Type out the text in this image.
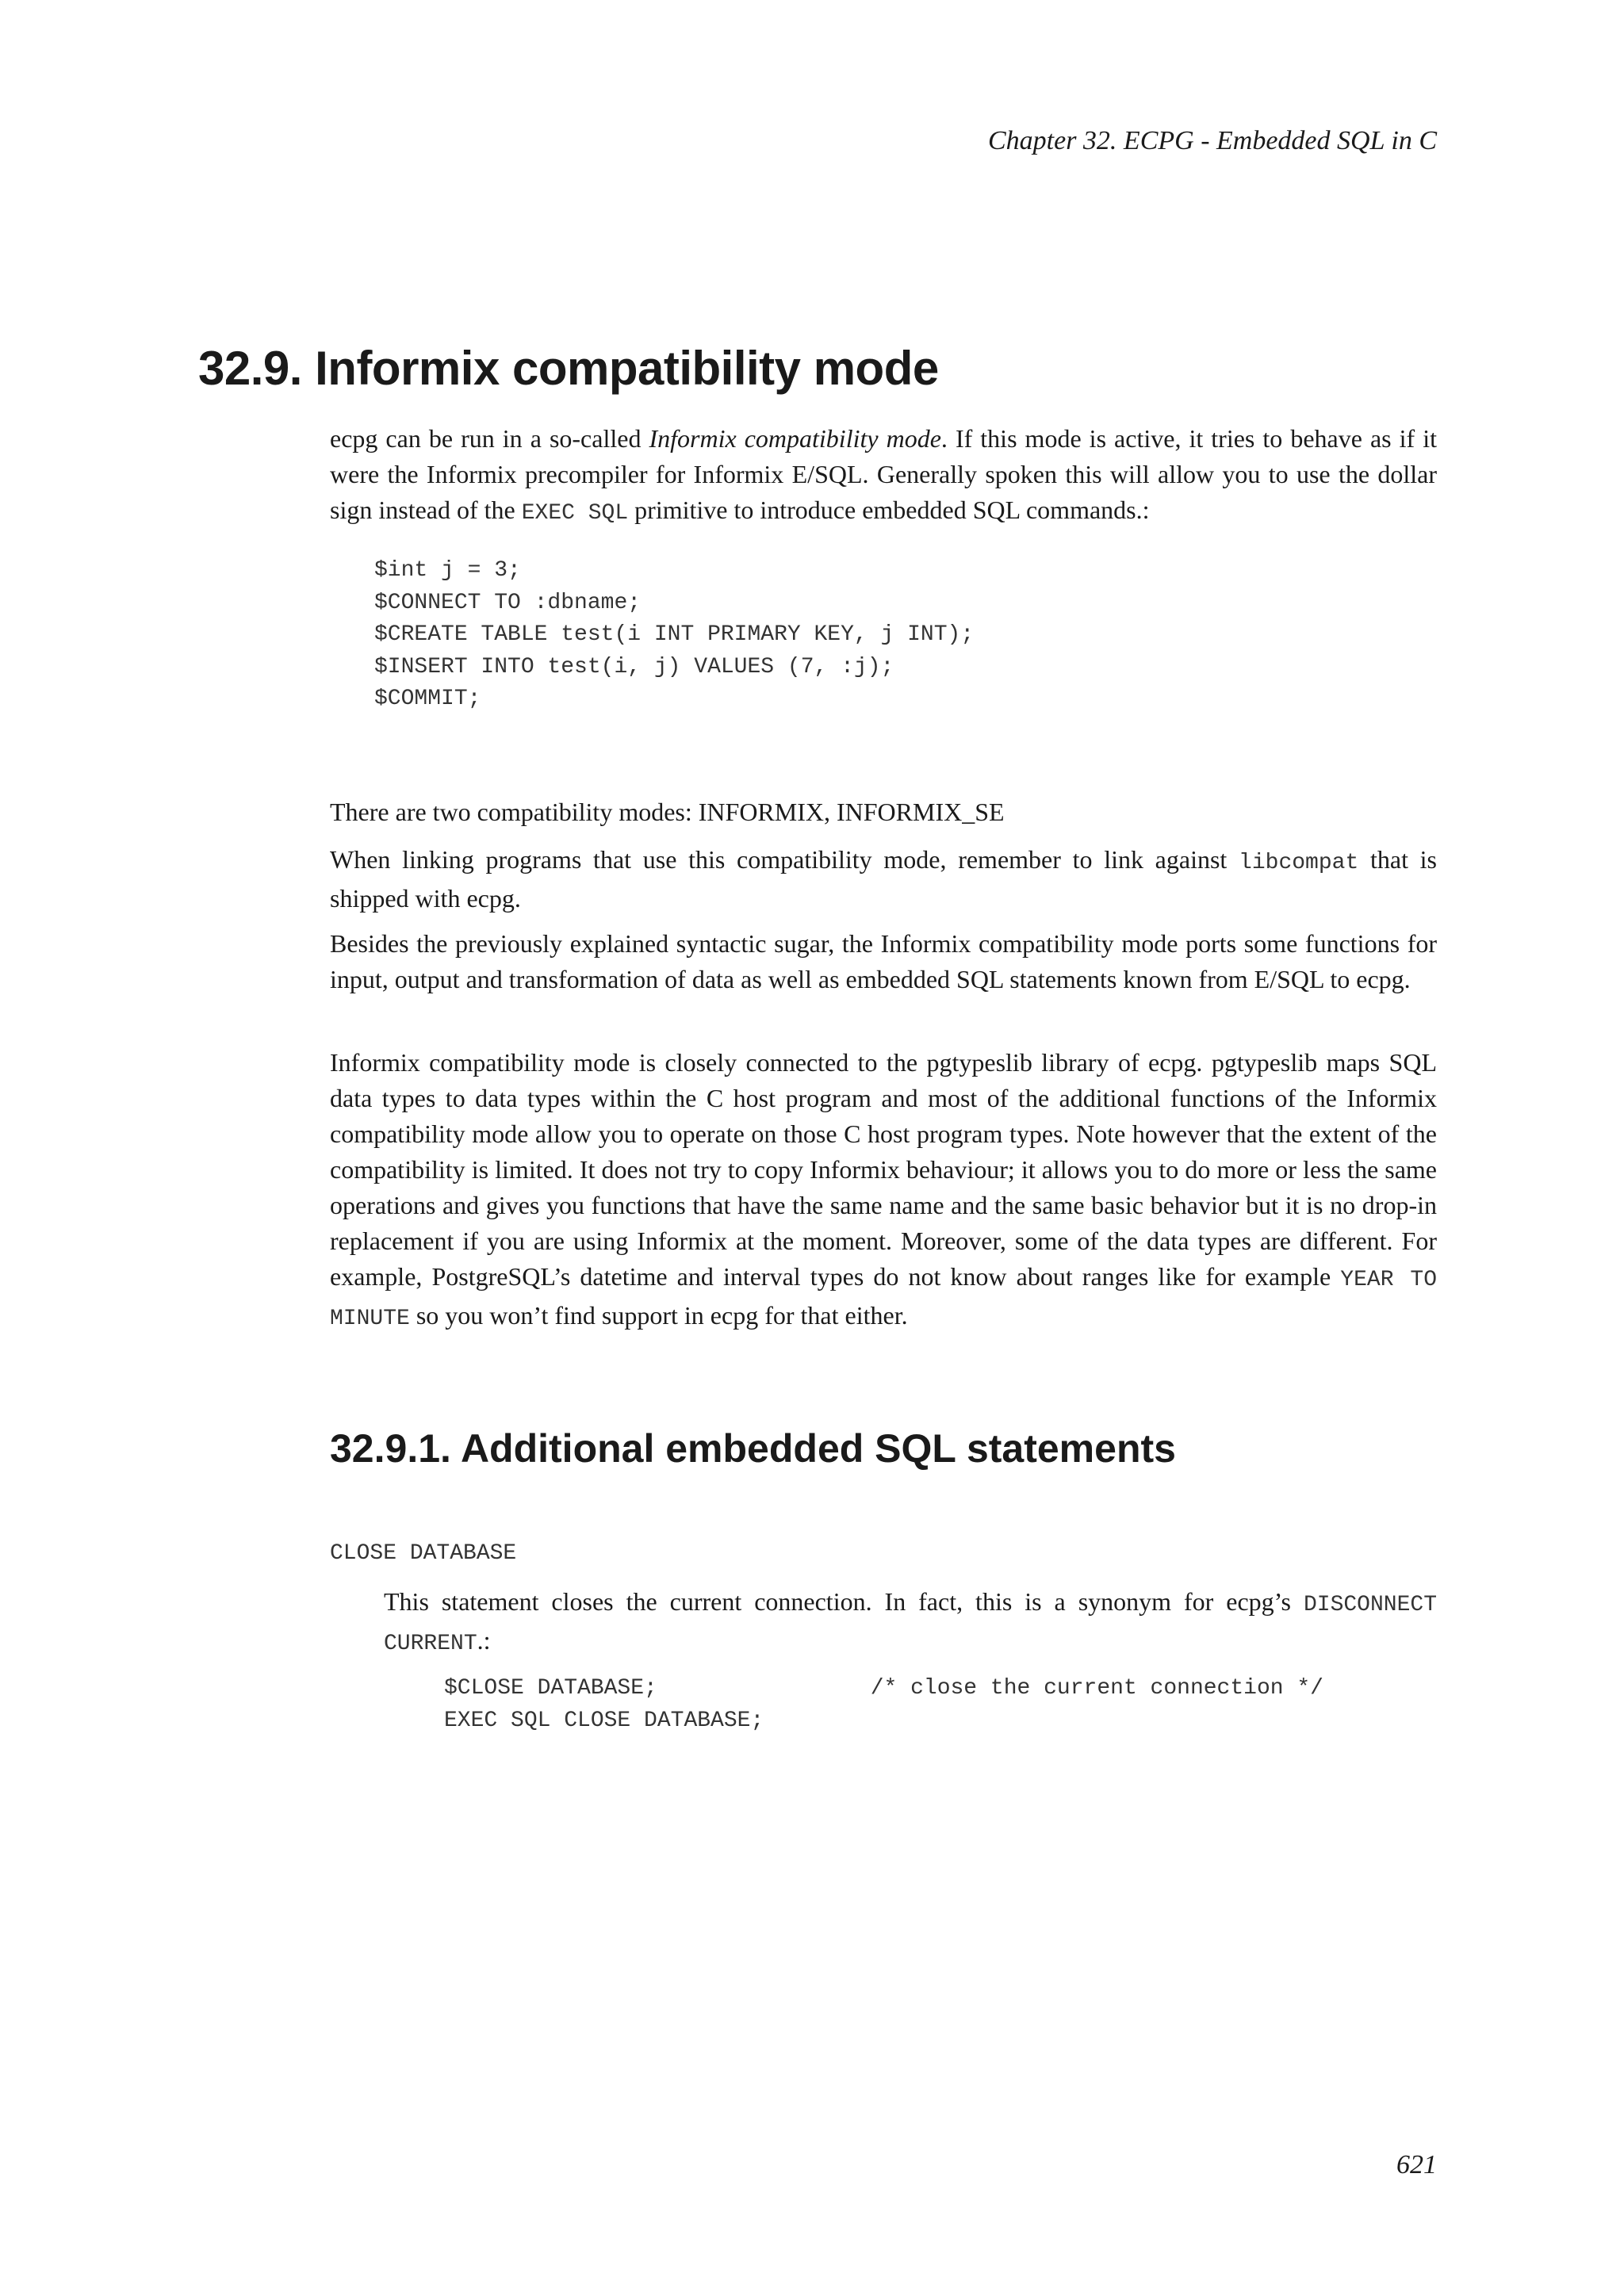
Chapter 32. ECPG - Embedded SQL in C
32.9. Informix compatibility mode

ecpg can be run in a so-called Informix compatibility mode. If this mode is active, it tries to behave as if it were the Informix precompiler for Informix E/SQL. Generally spoken this will allow you to use the dollar sign instead of the EXEC SQL primitive to introduce embedded SQL commands.:

$int j = 3;
$CONNECT TO :dbname;
$CREATE TABLE test(i INT PRIMARY KEY, j INT);
$INSERT INTO test(i, j) VALUES (7, :j);
$COMMIT;

There are two compatibility modes: INFORMIX, INFORMIX_SE

When linking programs that use this compatibility mode, remember to link against libcompat that is shipped with ecpg.

Besides the previously explained syntactic sugar, the Informix compatibility mode ports some functions for input, output and transformation of data as well as embedded SQL statements known from E/SQL to ecpg.

Informix compatibility mode is closely connected to the pgtypeslib library of ecpg. pgtypeslib maps SQL data types to data types within the C host program and most of the additional functions of the Informix compatibility mode allow you to operate on those C host program types. Note however that the extent of the compatibility is limited. It does not try to copy Informix behaviour; it allows you to do more or less the same operations and gives you functions that have the same name and the same basic behavior but it is no drop-in replacement if you are using Informix at the moment. Moreover, some of the data types are different. For example, PostgreSQL’s datetime and interval types do not know about ranges like for example YEAR TO MINUTE so you won’t find support in ecpg for that either.

32.9.1. Additional embedded SQL statements
CLOSE DATABASE

This statement closes the current connection. In fact, this is a synonym for ecpg’s DISCONNECT CURRENT.:

$CLOSE DATABASE;                /* close the current connection */
EXEC SQL CLOSE DATABASE;
621
